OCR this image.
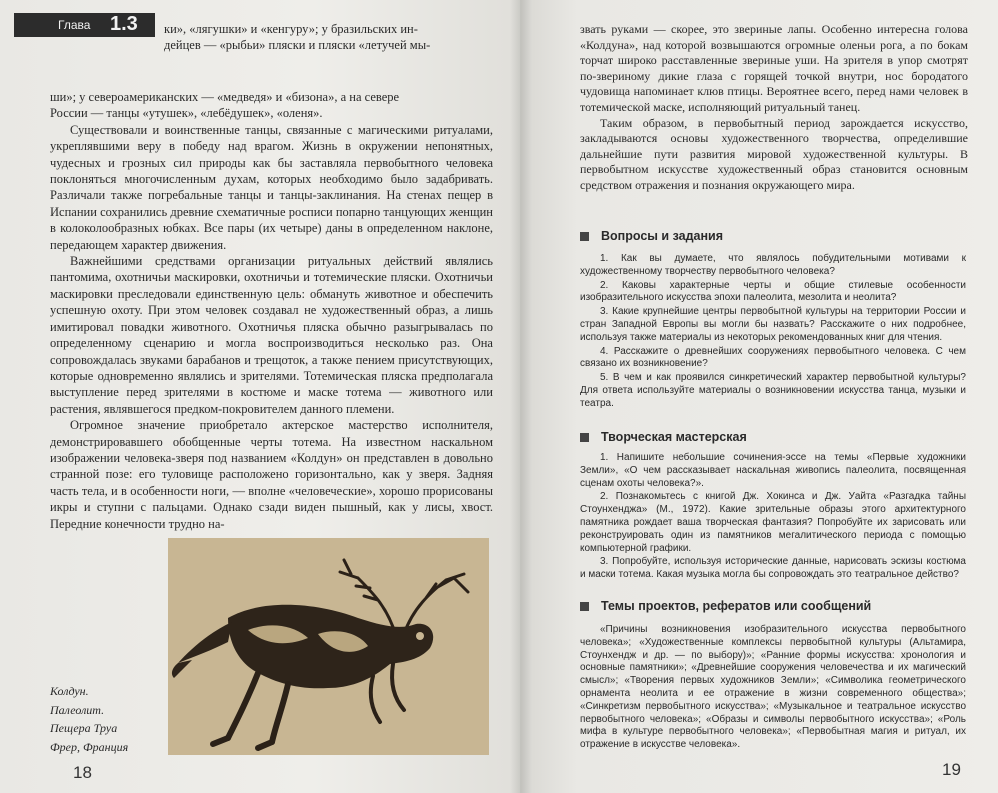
Глава 1.3 ки», «лягушки» и «кенгуру»; у бразильских ин-

дейцев — «рыбьи» пляски и пляски «летучей мы-

ши»; у североамериканских — «медведя» и «бизона», а на севере

России — танцы «утушек», «лебёдушек», «оленя».

Существовали и воинственные танцы, связанные с магическими ритуалами, укреплявшими веру в победу над врагом. Жизнь в окружении непонятных, чудесных и грозных сил природы как бы заставляла первобытного человека поклоняться многочисленным духам, которых необходимо было задабривать. Различали также погребальные танцы и танцы-заклинания. На стенах пещер в Испании сохранились древние схематичные росписи попарно танцующих женщин в колоколообразных юбках. Все пары (их четыре) даны в определенном наклоне, передающем характер движения.

Важнейшими средствами организации ритуальных действий являлись пантомима, охотничьи маскировки, охотничьи и тотемические пляски. Охотничьи маскировки преследовали единственную цель: обмануть животное и обеспечить успешную охоту. При этом человек создавал не художественный образ, а лишь имитировал повадки животного. Охотничья пляска обычно разыгрывалась по определенному сценарию и могла воспроизводиться несколько раз. Она сопровождалась звуками барабанов и трещоток, а также пением присутствующих, которые одновременно являлись и зрителями. Тотемическая пляска предполагала выступление перед зрителями в костюме и маске тотема — животного или растения, являвшегося предком-покровителем данного племени.

Огромное значение приобретало актерское мастерство исполнителя, демонстрировавшего обобщенные черты тотема. На известном наскальном изображении человека-зверя под названием «Колдун» он представлен в довольно странной позе: его туловище расположено горизонтально, как у зверя. Задняя часть тела, и в особенности ноги, — вполне «человеческие», хорошо прорисованы икры и ступни с пальцами. Однако сзади виден пышный, как у лисы, хвост. Передние конечности трудно на-

Колдун.
Палеолит.
Пещера Труа
Фрер, Франция
18

звать руками — скорее, это звериные лапы. Особенно интересна голова «Колдуна», над которой возвышаются огромные оленьи рога, а по бокам торчат широко расставленные звериные уши. На зрителя в упор смотрят по-звериному дикие глаза с горящей точкой внутри, нос бородатого чудовища напоминает клюв птицы. Вероятнее всего, перед нами человек в тотемической маске, исполняющий ритуальный танец.

Таким образом, в первобытный период зарождается искусство, закладываются основы художественного творчества, определившие дальнейшие пути развития мировой художественной культуры. В первобытном искусстве художественный образ становится основным средством отражения и познания окружающего мира.

Вопросы и задания

1. Как вы думаете, что являлось побудительными мотивами к художественному творчеству первобытного человека?

2. Каковы характерные черты и общие стилевые особенности изобразительного искусства эпохи палеолита, мезолита и неолита?

3. Какие крупнейшие центры первобытной культуры на территории России и стран Западной Европы вы могли бы назвать? Расскажите о них подробнее, используя также материалы из некоторых рекомендованных книг для чтения.

4. Расскажите о древнейших сооружениях первобытного человека. С чем связано их возникновение?

5. В чем и как проявился синкретический характер первобытной культуры? Для ответа используйте материалы о возникновении искусства танца, музыки и театра.

Творческая мастерская

1. Напишите небольшие сочинения-эссе на темы «Первые художники Земли», «О чем рассказывает наскальная живопись палеолита, посвященная сценам охоты человека?».

2. Познакомьтесь с книгой Дж. Хокинса и Дж. Уайта «Разгадка тайны Стоунхенджа» (М., 1972). Какие зрительные образы этого архитектурного памятника рождает ваша творческая фантазия? Попробуйте их зарисовать или реконструировать один из памятников мегалитического периода с помощью компьютерной графики.

3. Попробуйте, используя исторические данные, нарисовать эскизы костюма и маски тотема. Какая музыка могла бы сопровождать это театральное действо?

Темы проектов, рефератов или сообщений

«Причины возникновения изобразительного искусства первобытного человека»; «Художественные комплексы первобытной культуры (Альтамира, Стоунхендж и др. — по выбору)»; «Ранние формы искусства: хронология и основные памятники»; «Древнейшие сооружения человечества и их магический смысл»; «Творения первых художников Земли»; «Символика геометрического орнамента неолита и ее отражение в жизни современного общества»; «Синкретизм первобытного искусства»; «Музыкальное и театральное искусство первобытного человека»; «Образы и символы первобытного искусства»; «Роль мифа в культуре первобытного человека»; «Первобытная магия и ритуал, их отражение в искусстве человека».

19
